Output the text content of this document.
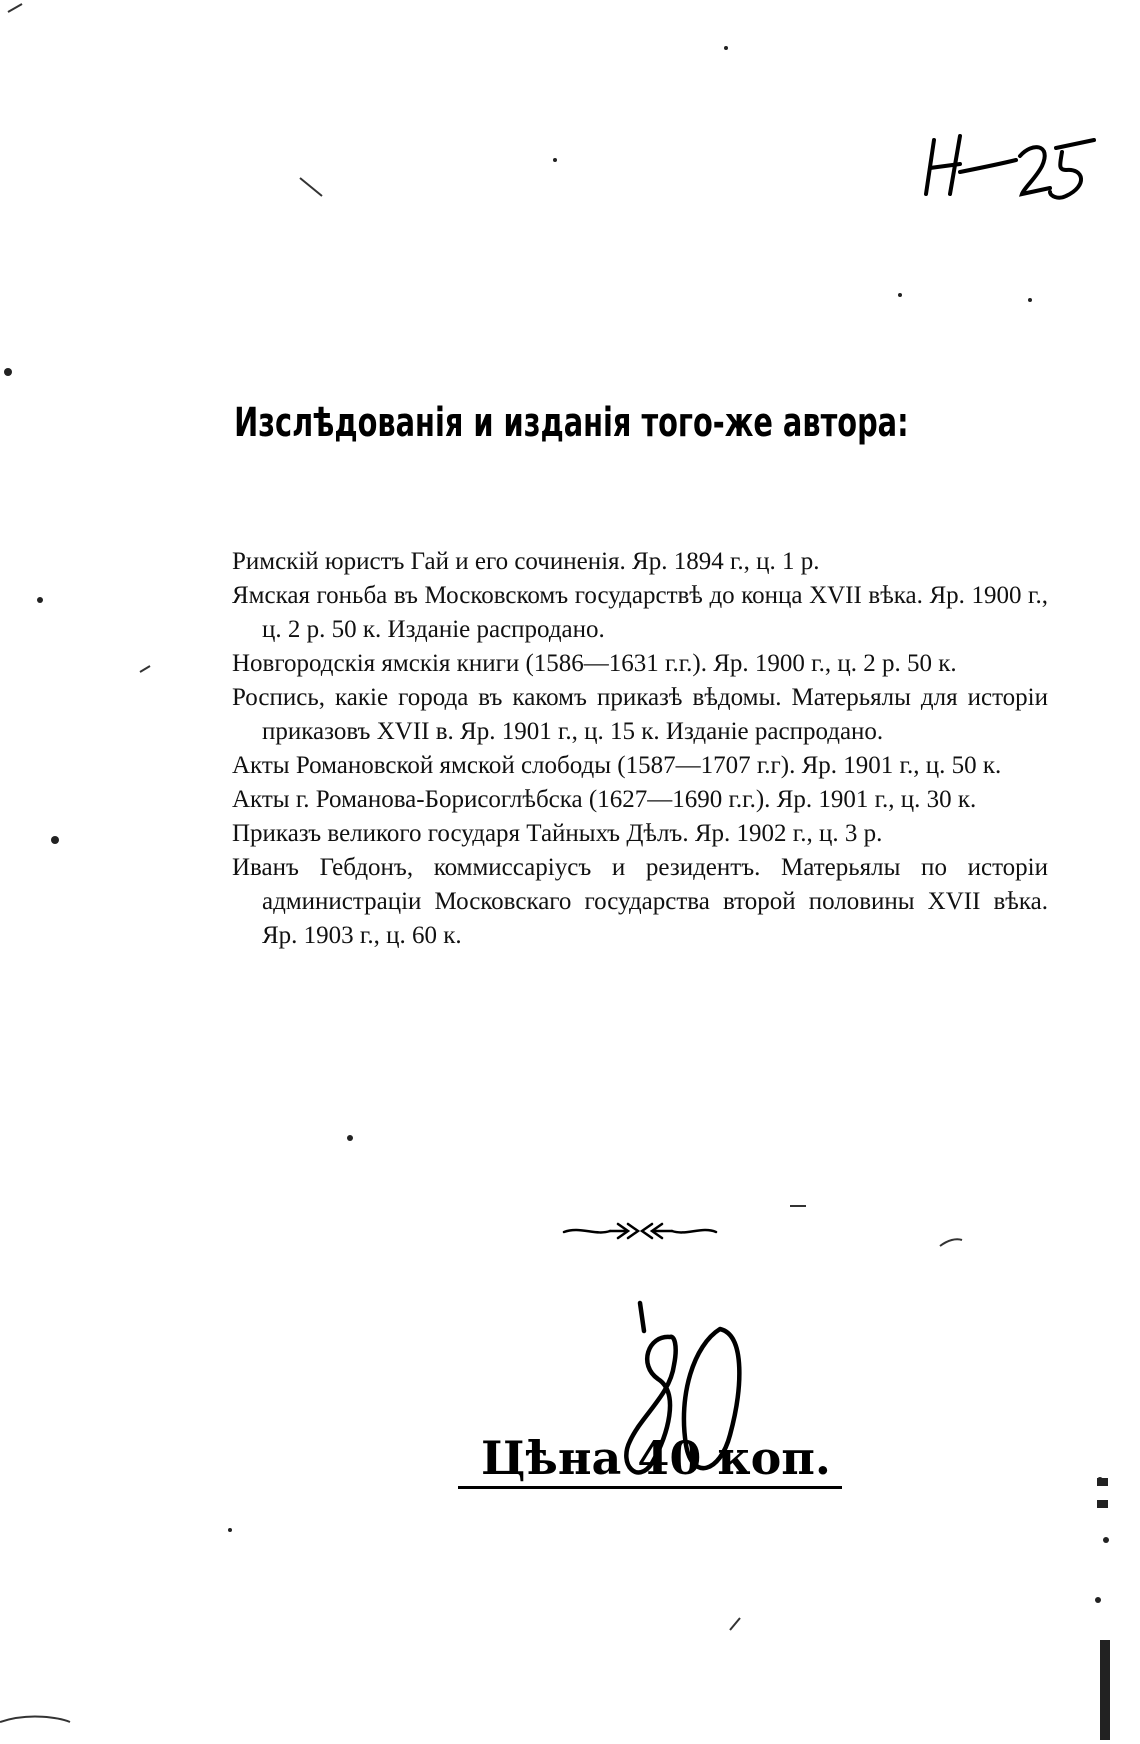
Изслѣдованія и изданія того-же автора:
Римскій юристъ Гай и его сочиненія. Яр. 1894 г., ц. 1 р.
Ямская гоньба въ Московскомъ государствѣ до конца XVII вѣка. Яр. 1900 г., ц. 2 р. 50 к. Изданіе распродано.
Новгородскія ямскія книги (1586—1631 г.г.). Яр. 1900 г., ц. 2 р. 50 к.
Роспись, какіе города въ какомъ приказѣ вѣдомы. Матерьялы для исторіи приказовъ XVII в. Яр. 1901 г., ц. 15 к. Изданіе распродано.
Акты Романовской ямской слободы (1587—1707 г.г). Яр. 1901 г., ц. 50 к.
Акты г. Романова-Борисоглѣбска (1627—1690 г.г.). Яр. 1901 г., ц. 30 к.
Приказъ великого государя Тайныхъ Дѣлъ. Яр. 1902 г., ц. 3 р.
Иванъ Гебдонъ, коммиссаріусъ и резидентъ. Матерьялы по исторіи администраціи Московскаго государства второй половины XVII вѣка. Яр. 1903 г., ц. 60 к.
Цѣна 40 коп.
